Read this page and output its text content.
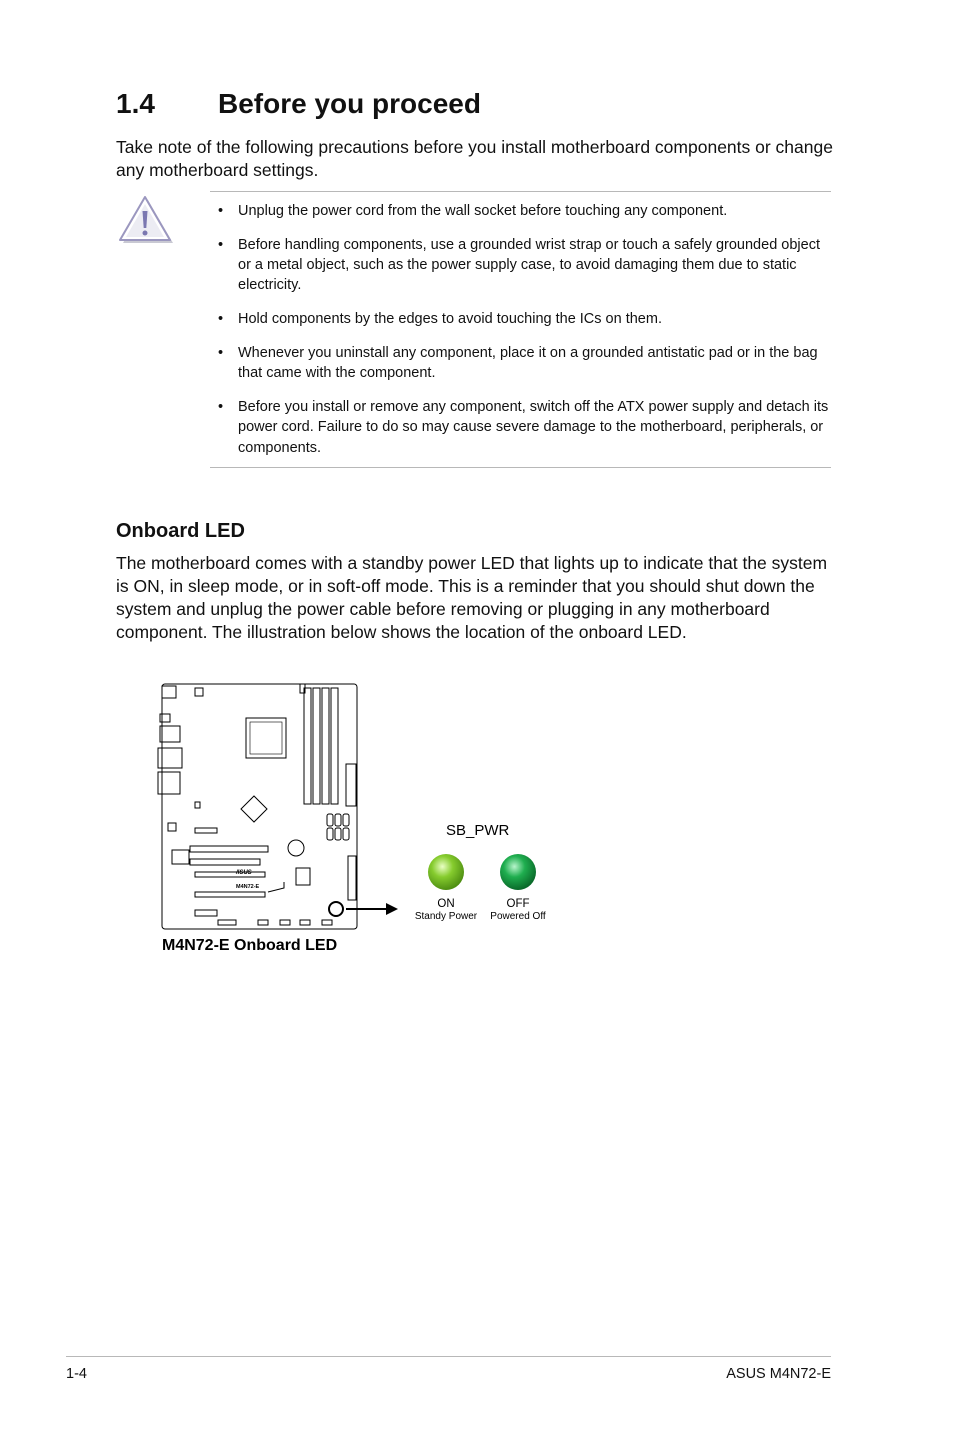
1.4 Before you proceed

Take note of the following precautions before you install motherboard components or change any motherboard settings.

• Unplug the power cord from the wall socket before touching any component.
• Before handling components, use a grounded wrist strap or touch a safely grounded object or a metal object, such as the power supply case, to avoid damaging them due to static electricity.
• Hold components by the edges to avoid touching the ICs on them.
• Whenever you uninstall any component, place it on a grounded antistatic pad or in the bag that came with the component.
• Before you install or remove any component, switch off the ATX power supply and detach its power cord. Failure to do so may cause severe damage to the motherboard, peripherals, or components.
Onboard LED

The motherboard comes with a standby power LED that lights up to indicate that the system is ON, in sleep mode, or in soft-off mode. This is a reminder that you should shut down the system and unplug the power cable before removing or plugging in any motherboard component. The illustration below shows the location of the onboard LED.

/ISUS
M4N72-E
SB_PWR
ON
Standy Power
OFF
Powered Off
M4N72-E Onboard LED
1-4	ASUS M4N72-E
